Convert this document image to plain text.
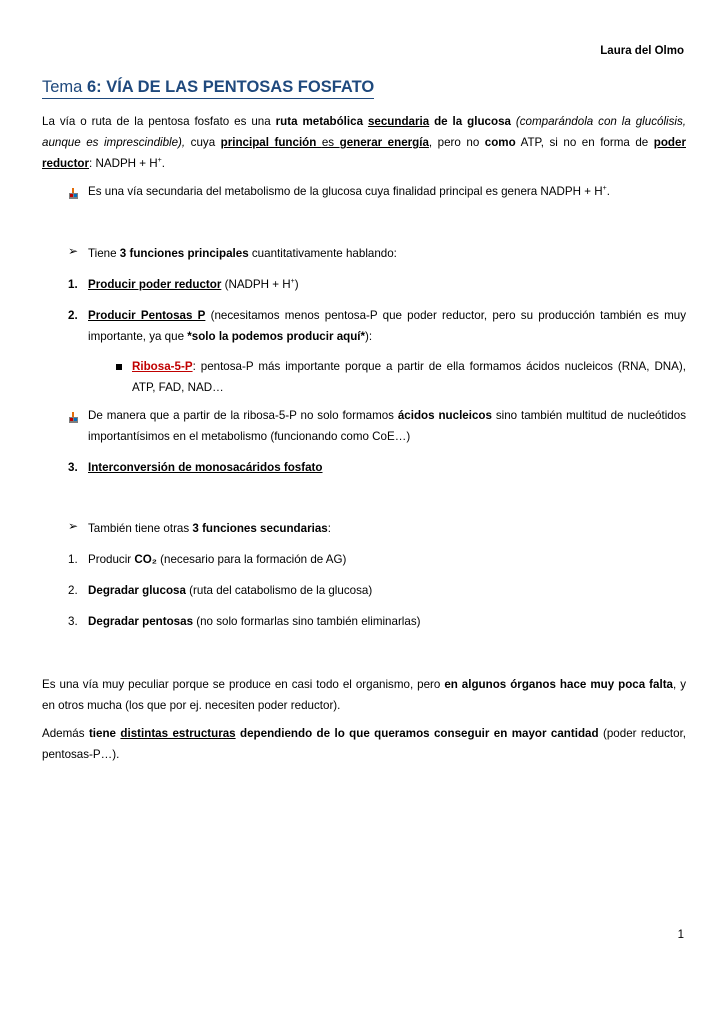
Laura del Olmo
Tema 6: VÍA DE LAS PENTOSAS FOSFATO
La vía o ruta de la pentosa fosfato es una ruta metabólica secundaria de la glucosa (comparándola con la glucólisis, aunque es imprescindible), cuya principal función es generar energía, pero no como ATP, si no en forma de poder reductor: NADPH + H+.
Es una vía secundaria del metabolismo de la glucosa cuya finalidad principal es genera NADPH + H+.
➢ Tiene 3 funciones principales cuantitativamente hablando:
1. Producir poder reductor (NADPH + H+)
2. Producir Pentosas P (necesitamos menos pentosa-P que poder reductor, pero su producción también es muy importante, ya que *solo la podemos producir aquí*):
Ribosa-5-P: pentosa-P más importante porque a partir de ella formamos ácidos nucleicos (RNA, DNA), ATP, FAD, NAD…
De manera que a partir de la ribosa-5-P no solo formamos ácidos nucleicos sino también multitud de nucleótidos importantísimos en el metabolismo (funcionando como CoE…)
3. Interconversión de monosacáridos fosfato
➢ También tiene otras 3 funciones secundarias:
1. Producir CO₂ (necesario para la formación de AG)
2. Degradar glucosa (ruta del catabolismo de la glucosa)
3. Degradar pentosas (no solo formarlas sino también eliminarlas)
Es una vía muy peculiar porque se produce en casi todo el organismo, pero en algunos órganos hace muy poca falta, y en otros mucha (los que por ej. necesiten poder reductor).
Además tiene distintas estructuras dependiendo de lo que queramos conseguir en mayor cantidad (poder reductor, pentosas-P…).
1
